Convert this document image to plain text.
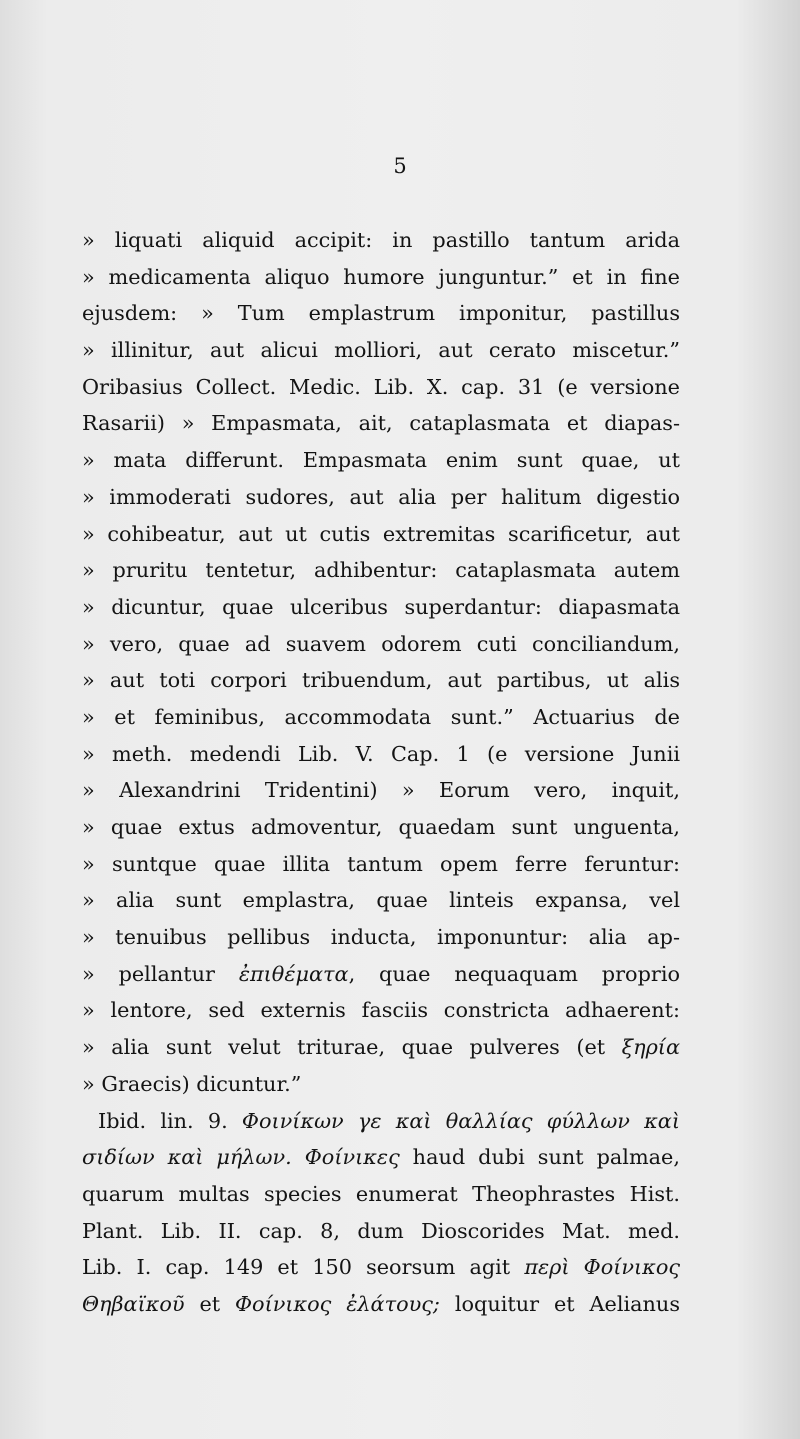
5
» liquati aliquid accipit: in pastillo tantum arida
» medicamenta aliquo humore junguntur.” et in fine
ejusdem: » Tum emplastrum imponitur, pastillus
» illinitur, aut alicui molliori, aut cerato miscetur.”
Oribasius Collect. Medic. Lib. X. cap. 31 (e versione
Rasarii) » Empasmata, ait, cataplasmata et diapas-
» mata differunt. Empasmata enim sunt quae, ut
» immoderati sudores, aut alia per halitum digestio
» cohibeatur, aut ut cutis extremitas scarificetur, aut
» pruritu tentetur, adhibentur: cataplasmata autem
» dicuntur, quae ulceribus superdantur: diapasmata
» vero, quae ad suavem odorem cuti conciliandum,
» aut toti corpori tribuendum, aut partibus, ut alis
» et feminibus, accommodata sunt.” Actuarius de
» meth. medendi Lib. V. Cap. 1 (e versione Junii
» Alexandrini Tridentini) » Eorum vero, inquit,
» quae extus admoventur, quaedam sunt unguenta,
» suntque quae illita tantum opem ferre feruntur:
» alia sunt emplastra, quae linteis expansa, vel
» tenuibus pellibus inducta, imponuntur: alia ap-
» pellantur ἐπιθέματα, quae nequaquam proprio
» lentore, sed externis fasciis constricta adhaerent:
» alia sunt velut triturae, quae pulveres (et ξηρία
» Graecis) dicuntur.”
Ibid. lin. 9. Φοινίκων γε καὶ θαλλίας φύλλων καὶ
σιδίων καὶ μήλων. Φοίνικες haud dubi sunt palmae,
quarum multas species enumerat Theophrastes Hist.
Plant. Lib. II. cap. 8, dum Dioscorides Mat. med.
Lib. I. cap. 149 et 150 seorsum agit περὶ Φοίνικος
Θηβαϊκοῦ et Φοίνικος ἐλάτους; loquitur et Aelianus
